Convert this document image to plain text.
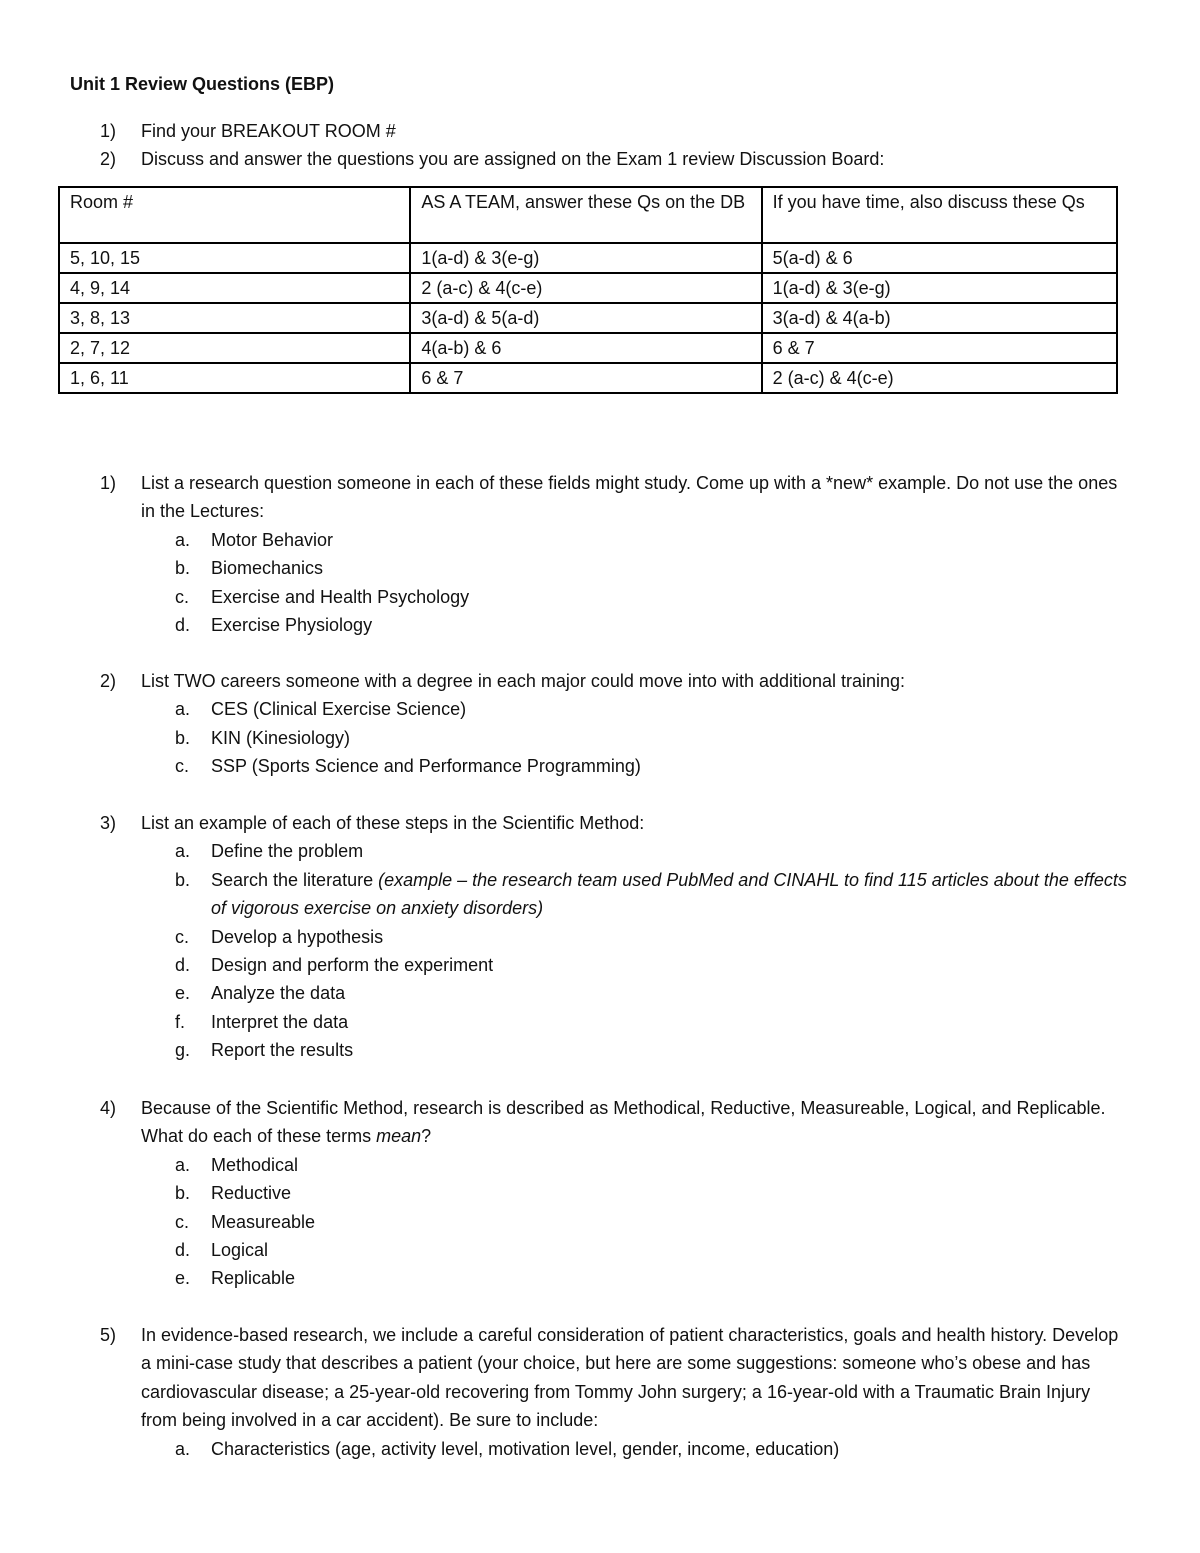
Unit 1 Review Questions (EBP)
1)	Find your BREAKOUT ROOM #
2)	Discuss and answer the questions you are assigned on the Exam 1 review Discussion Board:
Room #	AS A TEAM, answer these Qs on the DB	If you have time, also discuss these Qs
5, 10, 15	1(a-d) & 3(e-g)	5(a-d) & 6
4, 9, 14	2 (a-c) & 4(c-e)	1(a-d) & 3(e-g)
3, 8, 13	3(a-d) & 5(a-d)	3(a-d) & 4(a-b)
2, 7, 12	4(a-b) & 6	6 & 7
1, 6, 11	6 & 7	2 (a-c) & 4(c-e)
1) List a research question someone in each of these fields might study. Come up with a *new* example. Do not use the ones in the Lectures:
a. Motor Behavior
b. Biomechanics
c. Exercise and Health Psychology
d. Exercise Physiology
2) List TWO careers someone with a degree in each major could move into with additional training:
a. CES (Clinical Exercise Science)
b. KIN (Kinesiology)
c. SSP (Sports Science and Performance Programming)
3) List an example of each of these steps in the Scientific Method:
a. Define the problem
b. Search the literature (example – the research team used PubMed and CINAHL to find 115 articles about the effects of vigorous exercise on anxiety disorders)
c. Develop a hypothesis
d. Design and perform the experiment
e. Analyze the data
f. Interpret the data
g. Report the results
4) Because of the Scientific Method, research is described as Methodical, Reductive, Measureable, Logical, and Replicable. What do each of these terms mean?
a. Methodical
b. Reductive
c. Measureable
d. Logical
e. Replicable
5) In evidence-based research, we include a careful consideration of patient characteristics, goals and health history. Develop a mini-case study that describes a patient (your choice, but here are some suggestions: someone who’s obese and has cardiovascular disease; a 25-year-old recovering from Tommy John surgery; a 16-year-old with a Traumatic Brain Injury from being involved in a car accident). Be sure to include:
a. Characteristics (age, activity level, motivation level, gender, income, education)
